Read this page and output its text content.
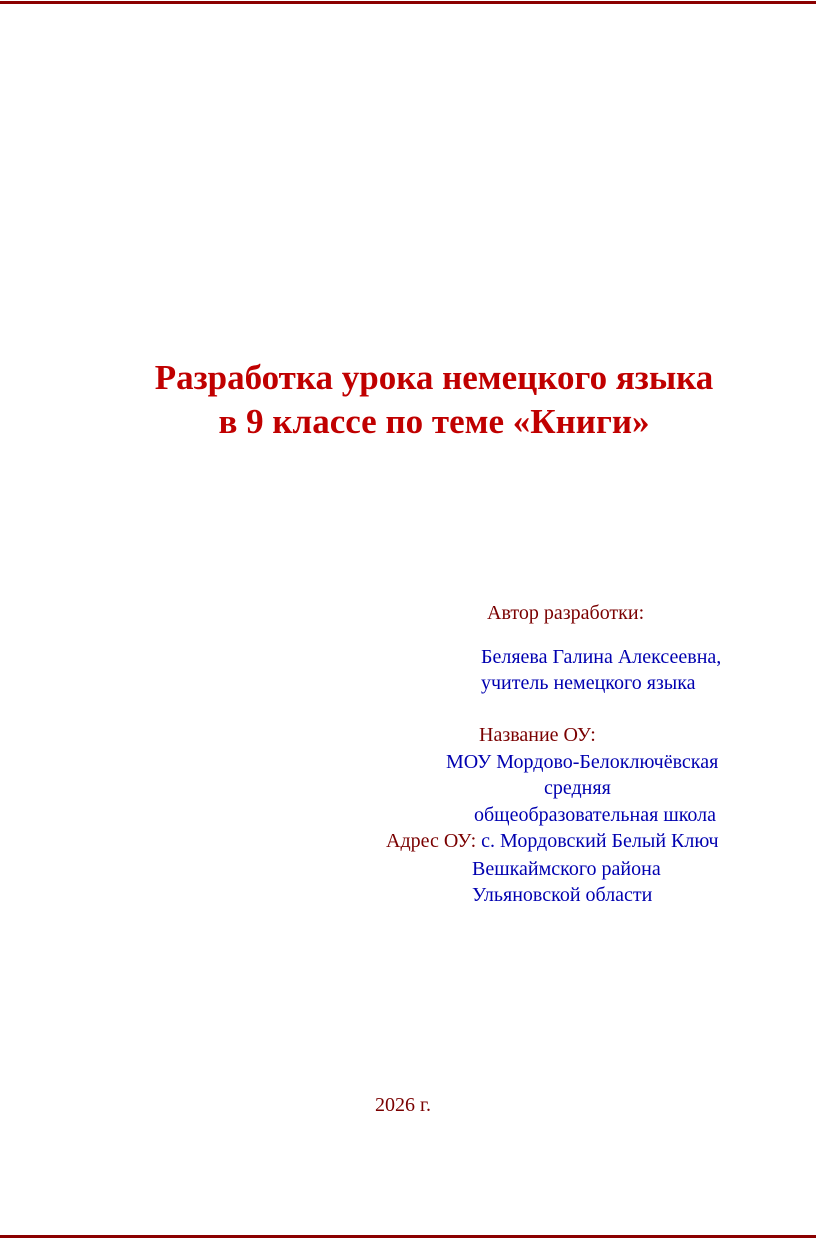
Разработка урока немецкого языка
в 9 классе по теме «Книги»
Автор разработки:
Беляева Галина Алексеевна,
учитель немецкого языка
Название ОУ:
МОУ Мордово-Белоключёвская
средняя
общеобразовательная школа
Адрес ОУ: с. Мордовский Белый Ключ
Вешкаймского района
Ульяновской области
2026 г.
